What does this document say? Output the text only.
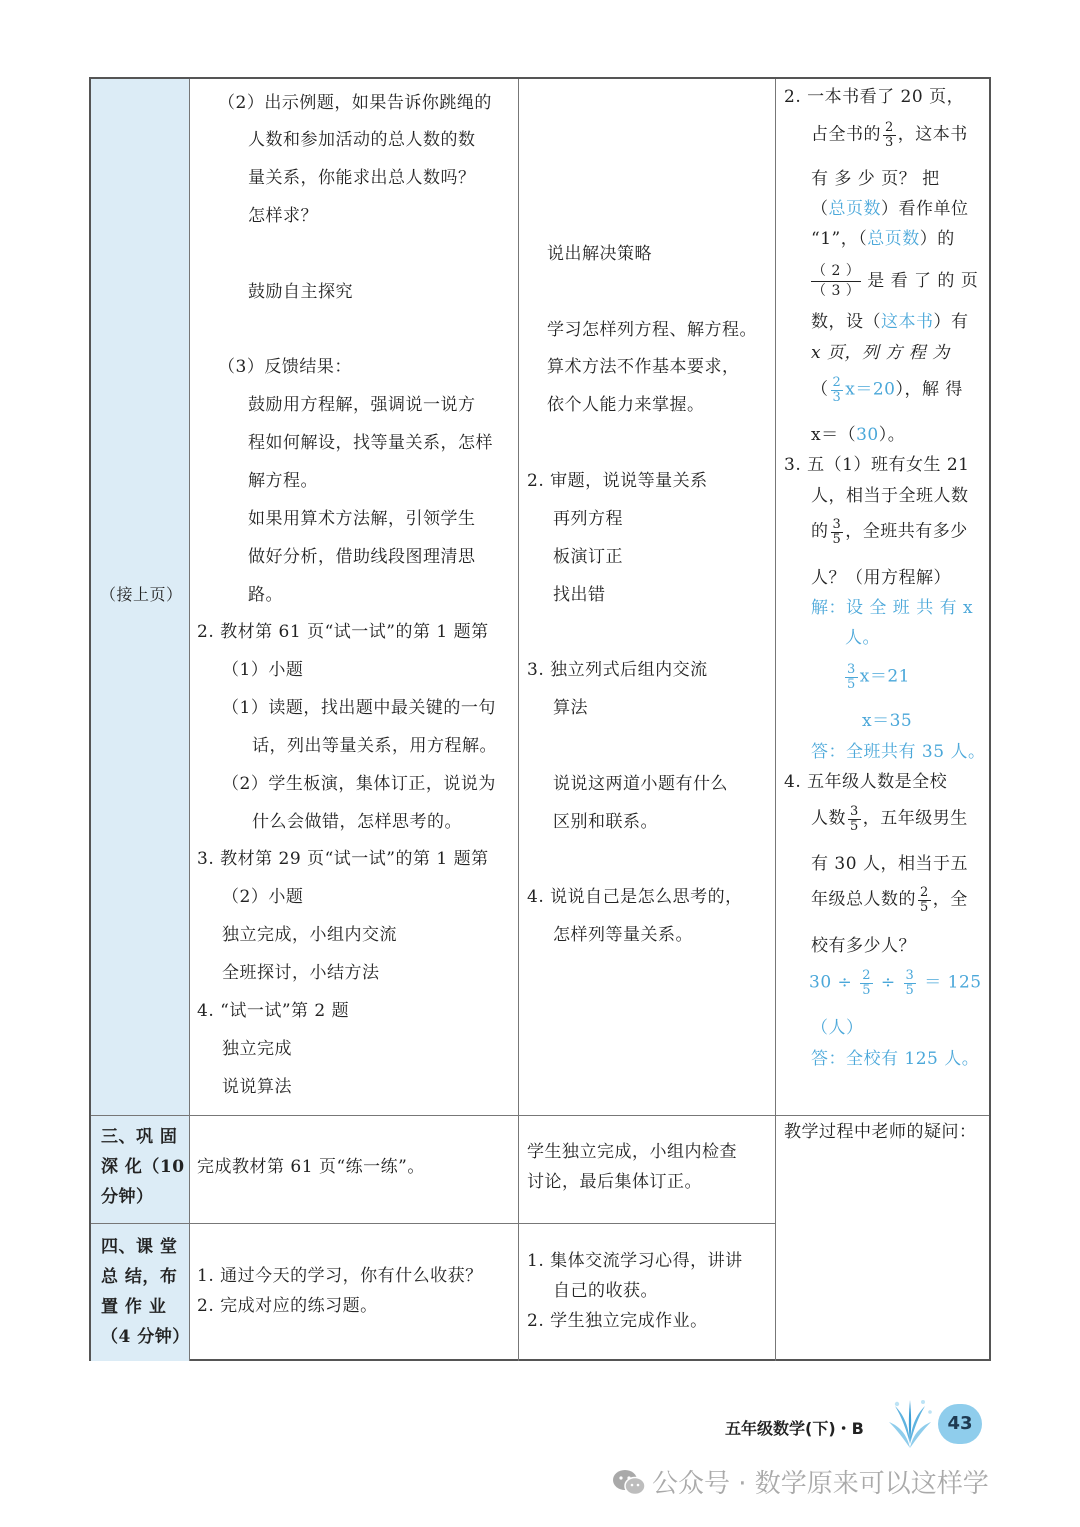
（接上页）
三、巩 固
深 化（10
分钟）
四、课 堂
总 结，布
置 作 业
（4 分钟）
（2）出示例题，如果告诉你跳绳的
人数和参加活动的总人数的数
量关系，你能求出总人数吗？
怎样求？
鼓励自主探究
（3）反馈结果：
鼓励用方程解，强调说一说方
程如何解设，找等量关系，怎样
解方程。
如果用算术方法解，引领学生
做好分析，借助线段图理清思
路。
2. 教材第 61 页“试一试”的第 1 题第
（1）小题
（1）读题，找出题中最关键的一句
话，列出等量关系，用方程解。
（2）学生板演，集体订正，说说为
什么会做错，怎样思考的。
3. 教材第 29 页“试一试”的第 1 题第
（2）小题
独立完成，小组内交流
全班探讨，小结方法
4. “试一试”第 2 题
独立完成
说说算法
说出解决策略
学习怎样列方程、解方程。
算术方法不作基本要求，
依个人能力来掌握。
2. 审题，说说等量关系
再列方程
板演订正
找出错
3. 独立列式后组内交流
算法
说说这两道小题有什么
区别和联系。
4. 说说自己是怎么思考的，
怎样列等量关系。
2. 一本书看了 20 页，
占全书的 $\frac{2}{3}$ ，这本书
有 多 少 页？ 把
（总页数）看作单位
“1”，（总页数）的
$\frac{( 2 )}{( 3 )}$ 是 看 了 的 页
数，设（这本书）有
x 页，列 方 程 为
（ $\frac{2}{3} x=20$），解 得
x＝（30）。
3. 五（1）班有女生 21
人，相当于全班人数
的 $\frac{3}{5}$ ，全班共有多少
人？（用方程解）
解：设 全 班 共 有 x
人。
$\frac{3}{5} x=21$
x＝35
答：全班共有 35 人。
4. 五年级人数是全校
人数 $\frac{3}{5}$ ，五年级男生
有 30 人，相当于五
年级总人数的 $\frac{2}{5}$ ，全
校有多少人？
$30 \div \frac{2}{5} \div \frac{3}{5} = 125$
（人）
答：全校有 125 人。
完成教材第 61 页“练一练”。
学生独立完成，小组内检查
讨论，最后集体订正。
教学过程中老师的疑问：
1. 通过今天的学习，你有什么收获？
2. 完成对应的练习题。
1. 集体交流学习心得，讲讲
自己的收获。
2. 学生独立完成作业。
五年级数学(下)・B	43
公众号 · 数学原来可以这样学
